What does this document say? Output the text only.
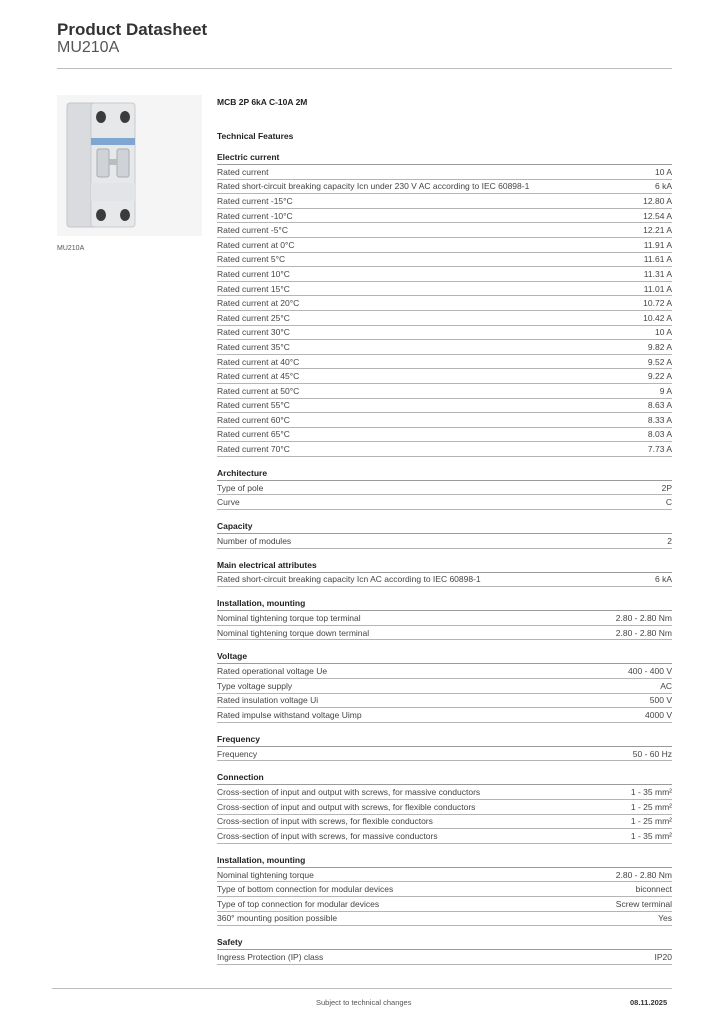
Product Datasheet
MU210A
MU210A
MCB 2P 6kA C-10A 2M
Technical Features
Electric current
Rated current	10 A
Rated short-circuit breaking capacity Icn under 230 V AC according to IEC 60898-1	6 kA
Rated current -15°C	12.80 A
Rated current -10°C	12.54 A
Rated current -5°C	12.21 A
Rated current at 0°C	11.91 A
Rated current 5°C	11.61 A
Rated current 10°C	11.31 A
Rated current 15°C	11.01 A
Rated current at 20°C	10.72 A
Rated current 25°C	10.42 A
Rated current 30°C	10 A
Rated current 35°C	9.82 A
Rated current at 40°C	9.52 A
Rated current at 45°C	9.22 A
Rated current at 50°C	9 A
Rated current 55°C	8.63 A
Rated current 60°C	8.33 A
Rated current 65°C	8.03 A
Rated current 70°C	7.73 A
Architecture
Type of pole	2P
Curve	C
Capacity
Number of modules	2
Main electrical attributes
Rated short-circuit breaking capacity Icn AC according to IEC 60898-1	6 kA
Installation, mounting
Nominal tightening torque top terminal	2.80 - 2.80 Nm
Nominal tightening torque down terminal	2.80 - 2.80 Nm
Voltage
Rated operational voltage Ue	400 - 400 V
Type voltage supply	AC
Rated insulation voltage Ui	500 V
Rated impulse withstand voltage Uimp	4000 V
Frequency
Frequency	50 - 60 Hz
Connection
Cross-section of input and output with screws, for massive conductors	1 - 35 mm²
Cross-section of input and output with screws, for flexible conductors	1 - 25 mm²
Cross-section of input with screws, for flexible conductors	1 - 25 mm²
Cross-section of input with screws, for massive conductors	1 - 35 mm²
Installation, mounting
Nominal tightening torque	2.80 - 2.80 Nm
Type of bottom connection for modular devices	biconnect
Type of top connection for modular devices	Screw terminal
360° mounting position possible	Yes
Safety
Ingress Protection (IP) class	IP20
Subject to technical changes	08.11.2025
